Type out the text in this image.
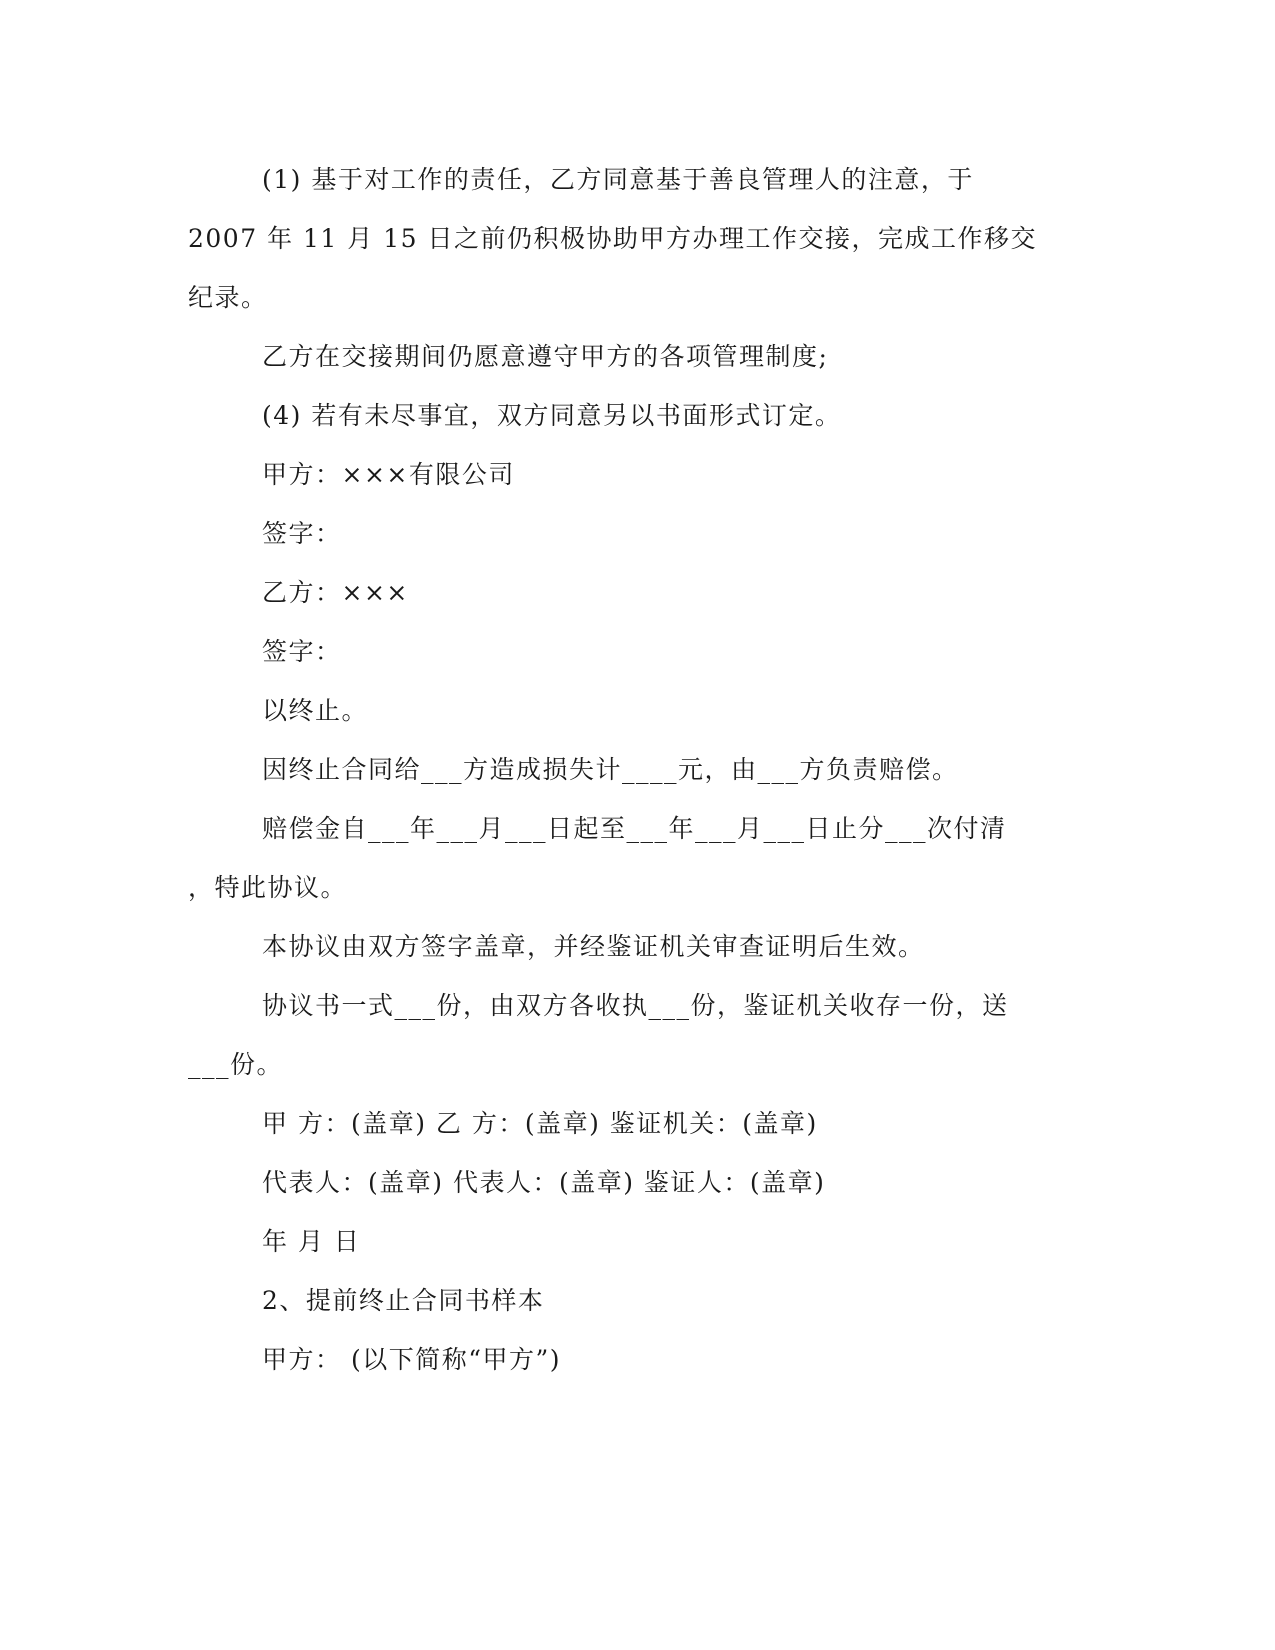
(1) 基于对工作的责任，乙方同意基于善良管理人的注意，于
2007 年 11 月 15 日之前仍积极协助甲方办理工作交接，完成工作移交
纪录。
乙方在交接期间仍愿意遵守甲方的各项管理制度;
(4) 若有未尽事宜，双方同意另以书面形式订定。
甲方：×××有限公司
签字：
乙方：×××
签字：
以终止。
因终止合同给___方造成损失计____元，由___方负责赔偿。
赔偿金自___年___月___日起至___年___月___日止分___次付清
，特此协议。
本协议由双方签字盖章，并经鉴证机关审查证明后生效。
协议书一式___份，由双方各收执___份，鉴证机关收存一份，送
___份。
甲 方：(盖章) 乙 方：(盖章) 鉴证机关：(盖章)
代表人：(盖章) 代表人：(盖章) 鉴证人：(盖章)
年 月 日
2、提前终止合同书样本
甲方： (以下简称“甲方”)
